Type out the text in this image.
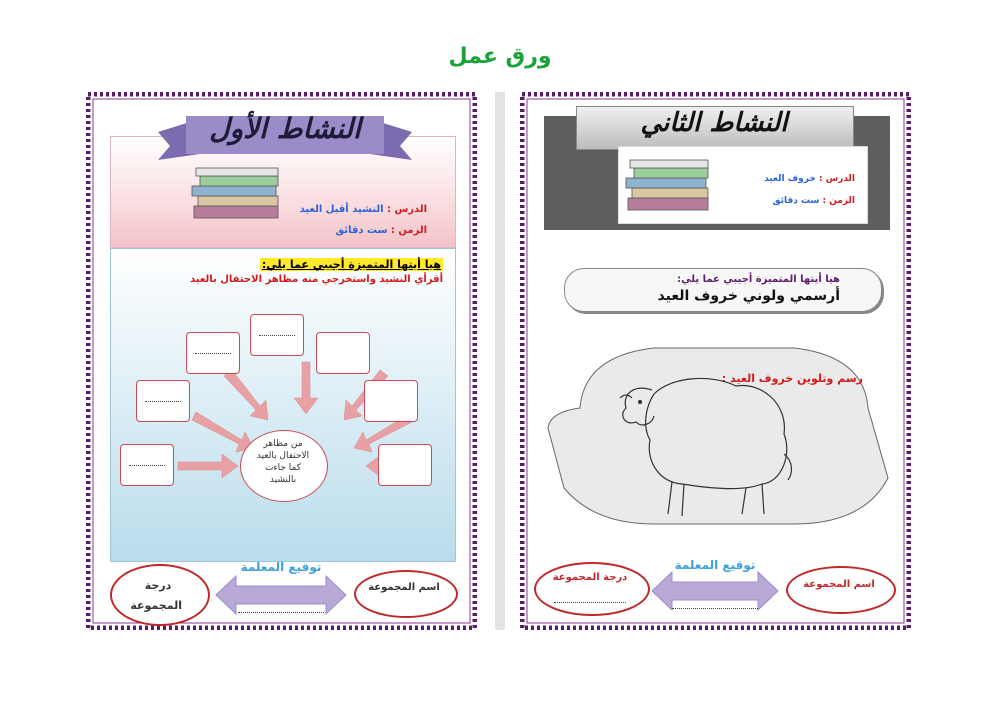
ورق عمل
النشاط الأول
الدرس : النشيد أقبل العيد
الزمن : ست دقائق
هيا أيتها المتميزة أجيبي عما يلي:
أقرأي النشيد واستخرجي منه مظاهر الاحتفال بالعيد
من مظاهر الاحتفال بالعيد كما جاءت بالنشيد
درجة المجموعة
توقيع المعلمة
اسم المجموعة
النشاط الثاني
الدرس : خروف العيد
الزمن : ست دقائق
هيا أيتها المتميزة أجيبي عما يلي:
أرسمي ولوني خروف العيد
رسم وتلوين خروف العيد :
درجة المجموعة
توقيع المعلمة
اسم المجموعة
